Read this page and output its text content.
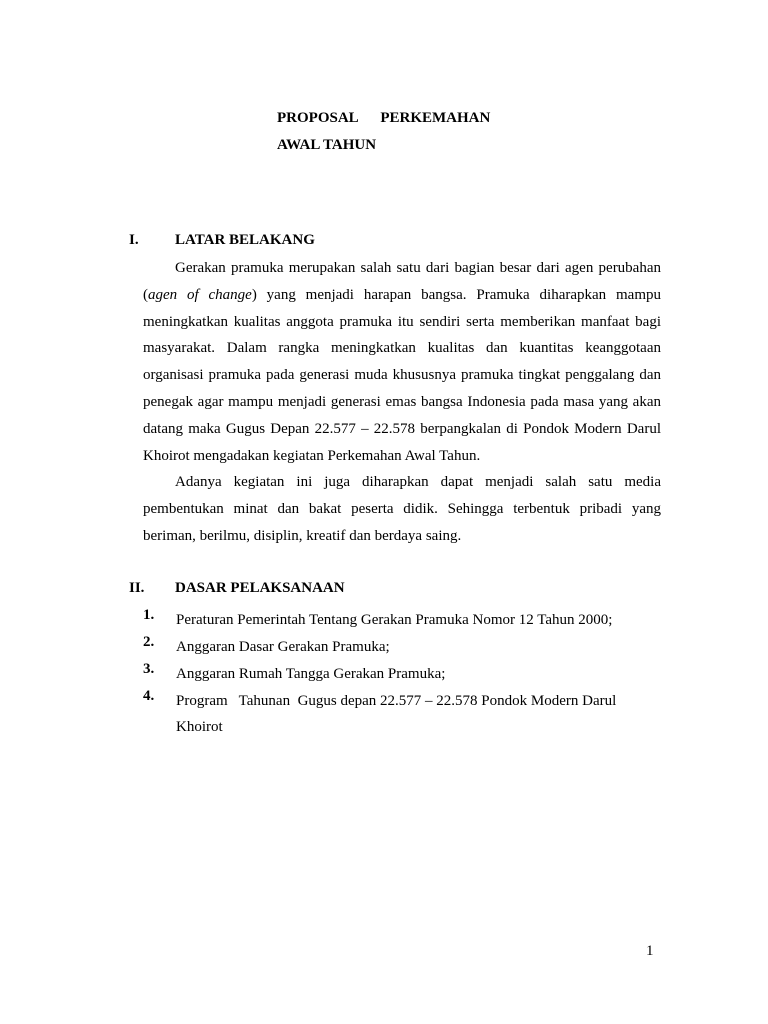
PROPOSAL      PERKEMAHAN
AWAL TAHUN
I. LATAR BELAKANG
Gerakan pramuka merupakan salah satu dari bagian besar dari agen perubahan (agen of change) yang menjadi harapan bangsa. Pramuka diharapkan mampu meningkatkan kualitas anggota pramuka itu sendiri serta memberikan manfaat bagi masyarakat. Dalam rangka meningkatkan kualitas dan kuantitas keanggotaan organisasi pramuka pada generasi muda khususnya pramuka tingkat penggalang dan penegak agar mampu menjadi generasi emas bangsa Indonesia pada masa yang akan datang maka Gugus Depan 22.577 – 22.578 berpangkalan di Pondok Modern Darul Khoirot mengadakan kegiatan Perkemahan Awal Tahun.
Adanya kegiatan ini juga diharapkan dapat menjadi salah satu media pembentukan minat dan bakat peserta didik. Sehingga terbentuk pribadi yang beriman, berilmu, disiplin, kreatif dan berdaya saing.
II. DASAR PELAKSANAAN
1. Peraturan Pemerintah Tentang Gerakan Pramuka Nomor 12 Tahun 2000;
2. Anggaran Dasar Gerakan Pramuka;
3. Anggaran Rumah Tangga Gerakan Pramuka;
4. Program   Tahunan  Gugus depan 22.577 – 22.578 Pondok Modern Darul Khoirot
1
